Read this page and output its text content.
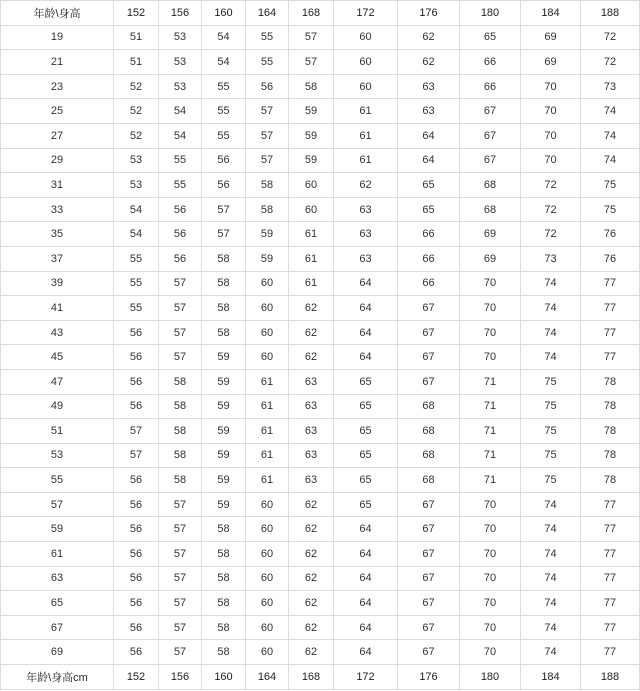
年龄\身高	152	156	160	164	168	172	176	180	184	188
19	51	53	54	55	57	60	62	65	69	72
21	51	53	54	55	57	60	62	66	69	72
23	52	53	55	56	58	60	63	66	70	73
25	52	54	55	57	59	61	63	67	70	74
27	52	54	55	57	59	61	64	67	70	74
29	53	55	56	57	59	61	64	67	70	74
31	53	55	56	58	60	62	65	68	72	75
33	54	56	57	58	60	63	65	68	72	75
35	54	56	57	59	61	63	66	69	72	76
37	55	56	58	59	61	63	66	69	73	76
39	55	57	58	60	61	64	66	70	74	77
41	55	57	58	60	62	64	67	70	74	77
43	56	57	58	60	62	64	67	70	74	77
45	56	57	59	60	62	64	67	70	74	77
47	56	58	59	61	63	65	67	71	75	78
49	56	58	59	61	63	65	68	71	75	78
51	57	58	59	61	63	65	68	71	75	78
53	57	58	59	61	63	65	68	71	75	78
55	56	58	59	61	63	65	68	71	75	78
57	56	57	59	60	62	65	67	70	74	77
59	56	57	58	60	62	64	67	70	74	77
61	56	57	58	60	62	64	67	70	74	77
63	56	57	58	60	62	64	67	70	74	77
65	56	57	58	60	62	64	67	70	74	77
67	56	57	58	60	62	64	67	70	74	77
69	56	57	58	60	62	64	67	70	74	77
年龄\身高cm	152	156	160	164	168	172	176	180	184	188
